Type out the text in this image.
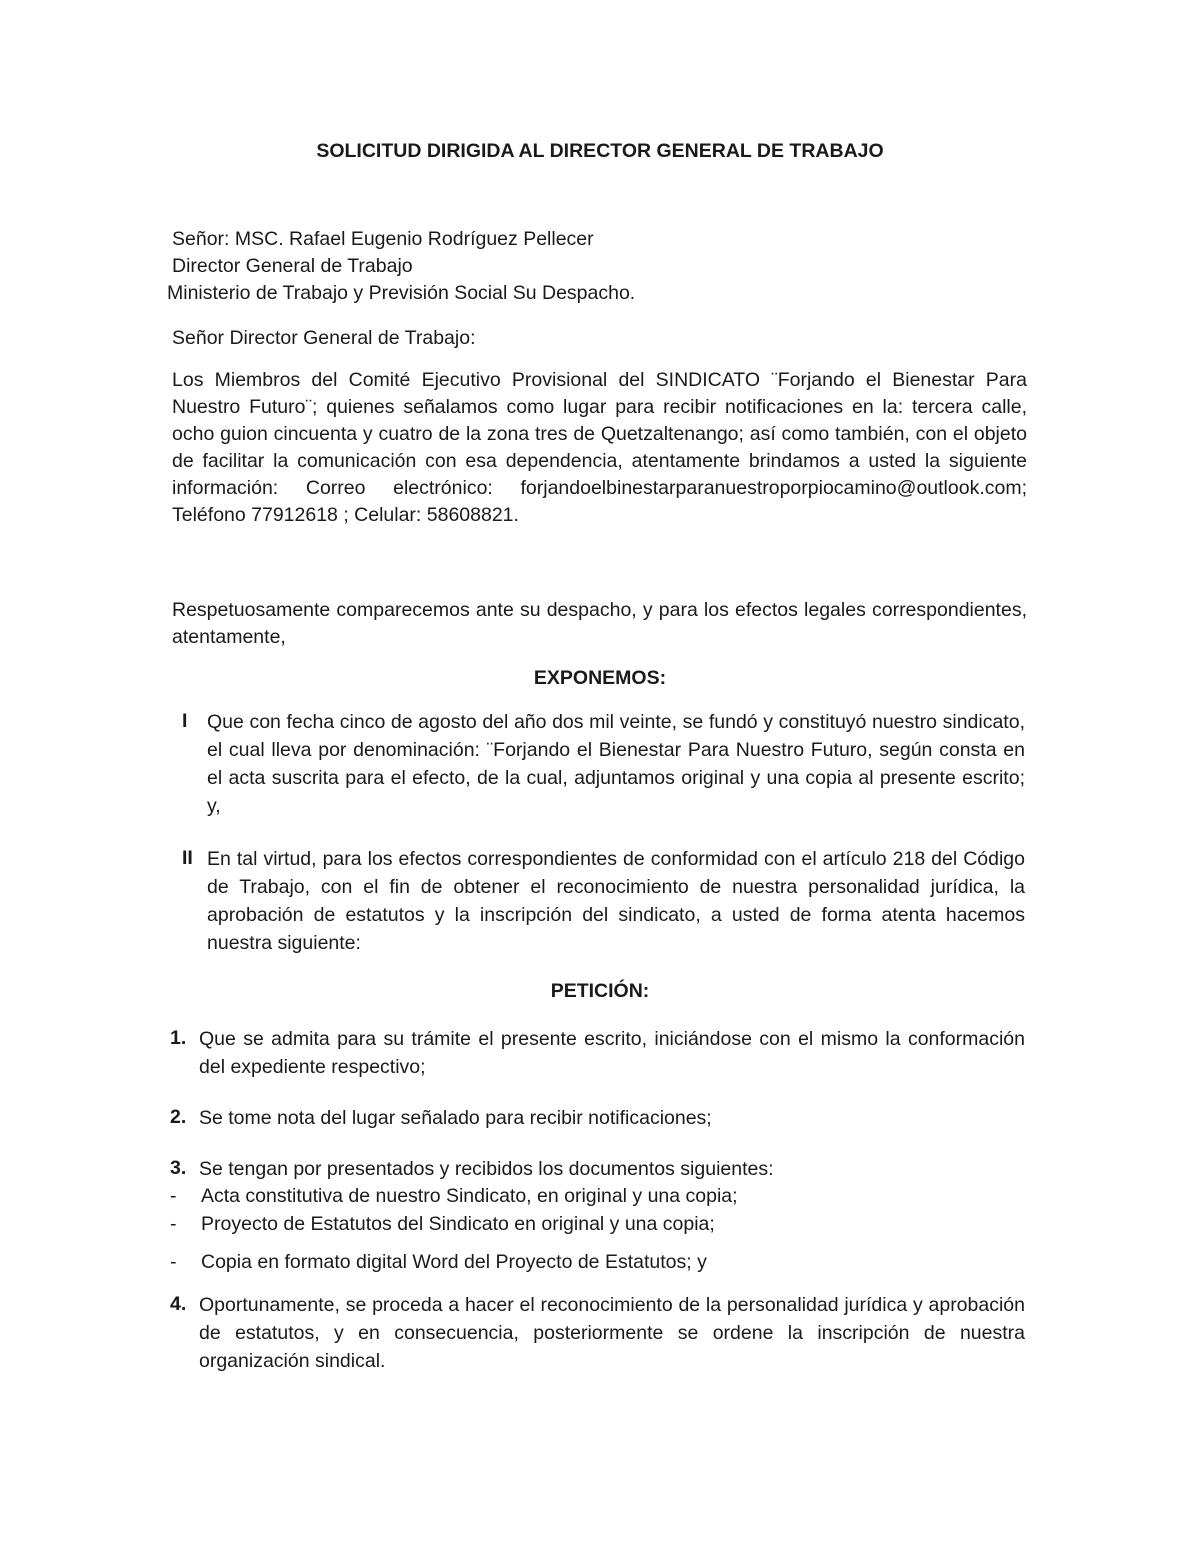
SOLICITUD DIRIGIDA AL DIRECTOR GENERAL DE TRABAJO
Señor: MSC. Rafael Eugenio Rodríguez Pellecer
Director General de Trabajo
Ministerio de Trabajo y Previsión Social Su Despacho.
Señor Director General de Trabajo:
Los Miembros del Comité Ejecutivo Provisional del SINDICATO ¨Forjando el Bienestar Para Nuestro Futuro¨; quienes señalamos como lugar para recibir notificaciones en la: tercera calle, ocho guion cincuenta y cuatro de la zona tres de Quetzaltenango; así como también, con el objeto de facilitar la comunicación con esa dependencia, atentamente brindamos a usted la siguiente información: Correo electrónico: forjandoelbinestarparanuestroporpiocamino@outlook.com; Teléfono 77912618 ; Celular: 58608821.
Respetuosamente comparecemos ante su despacho, y para los efectos legales correspondientes, atentamente,
EXPONEMOS:
I Que con fecha cinco de agosto del año dos mil veinte, se fundó y constituyó nuestro sindicato, el cual lleva por denominación: ¨Forjando el Bienestar Para Nuestro Futuro, según consta en el acta suscrita para el efecto, de la cual, adjuntamos original y una copia al presente escrito; y,
II En tal virtud, para los efectos correspondientes de conformidad con el artículo 218 del Código de Trabajo, con el fin de obtener el reconocimiento de nuestra personalidad jurídica, la aprobación de estatutos y la inscripción del sindicato, a usted de forma atenta hacemos nuestra siguiente:
PETICIÓN:
1. Que se admita para su trámite el presente escrito, iniciándose con el mismo la conformación del expediente respectivo;
2. Se tome nota del lugar señalado para recibir notificaciones;
3. Se tengan por presentados y recibidos los documentos siguientes:
- Acta constitutiva de nuestro Sindicato, en original y una copia;
- Proyecto de Estatutos del Sindicato en original y una copia;
- Copia en formato digital Word del Proyecto de Estatutos; y
4. Oportunamente, se proceda a hacer el reconocimiento de la personalidad jurídica y aprobación de estatutos, y en consecuencia, posteriormente se ordene la inscripción de nuestra organización sindical.
